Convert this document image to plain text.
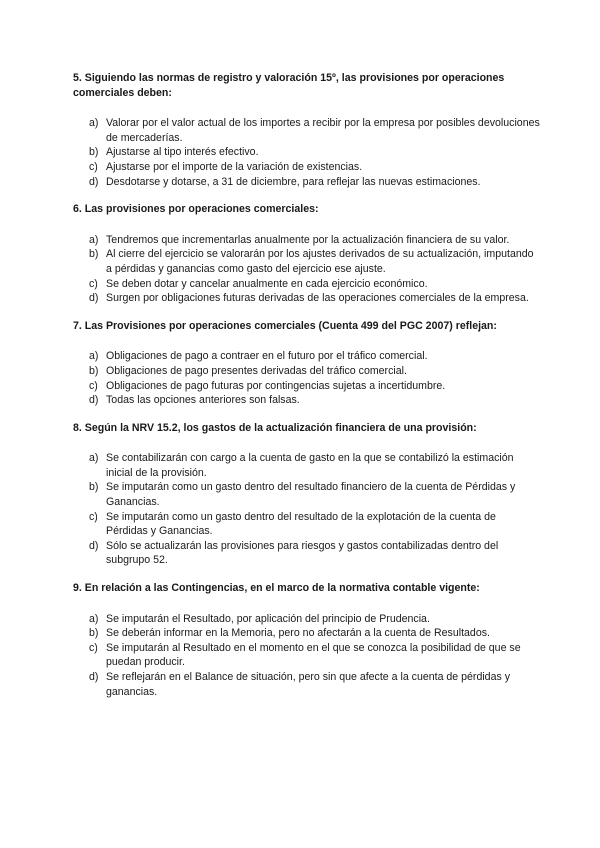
5. Siguiendo las normas de registro y valoración 15º, las provisiones por operaciones comerciales deben:

a) Valorar por el valor actual de los importes a recibir por la empresa por posibles devoluciones de mercaderías.
b) Ajustarse al tipo interés efectivo.
c) Ajustarse por el importe de la variación de existencias.
d) Desdotarse y dotarse, a 31 de diciembre, para reflejar las nuevas estimaciones.

6. Las provisiones por operaciones comerciales:

a) Tendremos que incrementarlas anualmente por la actualización financiera de su valor.
b) Al cierre del ejercicio se valorarán por los ajustes derivados de su actualización, imputando a pérdidas y ganancias como gasto del ejercicio ese ajuste.
c) Se deben dotar y cancelar anualmente en cada ejercicio económico.
d) Surgen por obligaciones futuras derivadas de las operaciones comerciales de la empresa.

7. Las Provisiones por operaciones comerciales (Cuenta 499 del PGC 2007) reflejan:

a) Obligaciones de pago a contraer en el futuro por el tráfico comercial.
b) Obligaciones de pago presentes derivadas del tráfico comercial.
c) Obligaciones de pago futuras por contingencias sujetas a incertidumbre.
d) Todas las opciones anteriores son falsas.

8. Según la NRV 15.2, los gastos de la actualización financiera de una provisión:

a) Se contabilizarán con cargo a la cuenta de gasto en la que se contabilizó la estimación inicial de la provisión.
b) Se imputarán como un gasto dentro del resultado financiero de la cuenta de Pérdidas y Ganancias.
c) Se imputarán como un gasto dentro del resultado de la explotación de la cuenta de Pérdidas y Ganancias.
d) Sólo se actualizarán las provisiones para riesgos y gastos contabilizadas dentro del subgrupo 52.

9. En relación a las Contingencias, en el marco de la normativa contable vigente:

a) Se imputarán el Resultado, por aplicación del principio de Prudencia.
b) Se deberán informar en la Memoria, pero no afectarán a la cuenta de Resultados.
c) Se imputarán al Resultado en el momento en el que se conozca la posibilidad de que se puedan producir.
d) Se reflejarán en el Balance de situación, pero sin que afecte a la cuenta de pérdidas y ganancias.
